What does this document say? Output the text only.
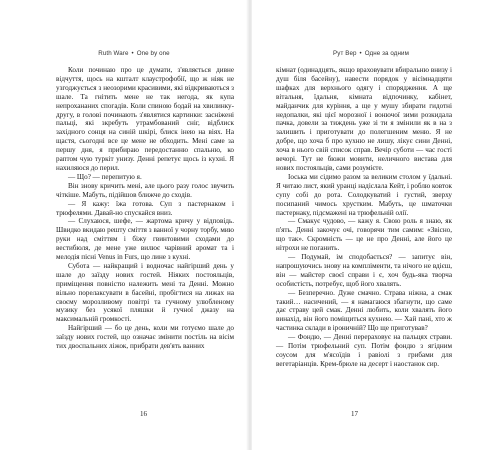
Ruth Ware • One by one

Коли починаю про це думати, з'являється дивне відчуття, щось на кшталт клаустрофобії, що ж ніяк не узгоджується з неозорими красивими, які відкриваються з шале. Та гнітить мене не так негода, як купа непрохананих спогадів. Коли спиною бодай на хвилинку-другу, в голові починають з'являтися картинки: засніжені пальці, які зкребуть утрамбований сніг, відблиск західного сонця на синій шкірі, блиск інею на віях. На щастя, сьогодні все це мене не обходить. Мені саме за першу дня, я прибираю передостанню спальню, ко раптом чую туркіт унизу. Денні репетує щось із кухні. Я нахиляюся до перил.

— Що? — перепитую я.

Він знову кричить мені, але цього разу голос звучить чіткіше. Мабуть, підійшов ближче до сходів.

— Я кажу: їжа готова. Суп з пастернаком і трюфелями. Давай-но спускайся вниз.

— Слухаюся, шефе, — жартома кричу у відповідь. Швидко вкидаю решту сміття з ванної у чорну торбу, мию руки над сміттям і біжу гвинтовими сходами до вестибюля, де мене уже вилює чарівний аромат та і мелодія пісні Venus in Furs, що лине з кухні.

Субота — найкращий і водночас найгірший день у шале до заїзду нових гостей. Ніяких постояльців, приміщення повністю належить мені та Денні. Можно вільно порелаксувати в басейні, пробігтися на лижах на своєму морозливому повітрі та гучному улюбленому музику без усякої пляшки й гучної джазу на максимальній громкості.

Найгірший — бо це день, коли ми готуємо шале до заїзду нових гостей, що означає змінити постіль на вісім тих двоспальних ліжок, прибрати дев'ять ванних

16
Рут Вер • Одне за одним

кімнат (одинадцять, якщо враховувати вбиральню внизу і душ біля басейну), навести порядок у вісімнадцяти шафках для верхнього одягу і спорядження. А ще вітальня, їдальня, кімната відпочинку, кабінет, майданчик для куріння, а ще у мушу збирати гидотні недопалки, які цієї морозної і вонючої зими розкидала пачка, довели за тиждень уже зі ти я змінили як в на з залишить і приготувати до полегшеним меню. Я не добре, що хоча б про кухню не лишу, лікує сини Денні, хоча в нього свій список справ. Вечір суботи — час гості вечорі. Тут не бюжи мовити, неличного вистава для нових постояльців, сами розумієте.

Іоська ми сідимо разом за великим столом у їдальні. Я читаю лист, який уранці надіслала Кейт, і роблю ковток супу собі до рота. Солодкуватий і густий, зверху посипаний чимось хрустким. Мабуть, це шматочки пастернаку, підсмажені на трюфельній олії.

— Смакує чудово, — кажу я. Свою роль я знаю, як п'ять. Денні закочує очі, говорячи тим самим: «Звісно, що так». Скромність — це не про Денні, але його це нітрохи не поганить.

— Подумай, ім сподобається? — запитує він, напрошуючись знову на компліменти, та нічого не вдієш, він — майстер своєї справи і є, хоч будь-яка творча особистість, потребує, щоб його хвалять.

— Безперечно. Дуже смачно. Страва ніжна, а смак такий… насичений, — я намагаюся збагнути, що саме дає страву цей смак. Денні любить, коли хвалять його винахід, він його поміщиться кухнею. — Хай пані, хто ж частинка склади в іроничній? Що ще приготував?

— Фондю, — Денні перераховує на пальцях страви. — Потім трюфельний суп. Потім фондю з ягідним соусом для м'ясоїдів і равіолі з грибами для вегетаріанців. Крем-брюле на десерт і наостанок сир.

17
